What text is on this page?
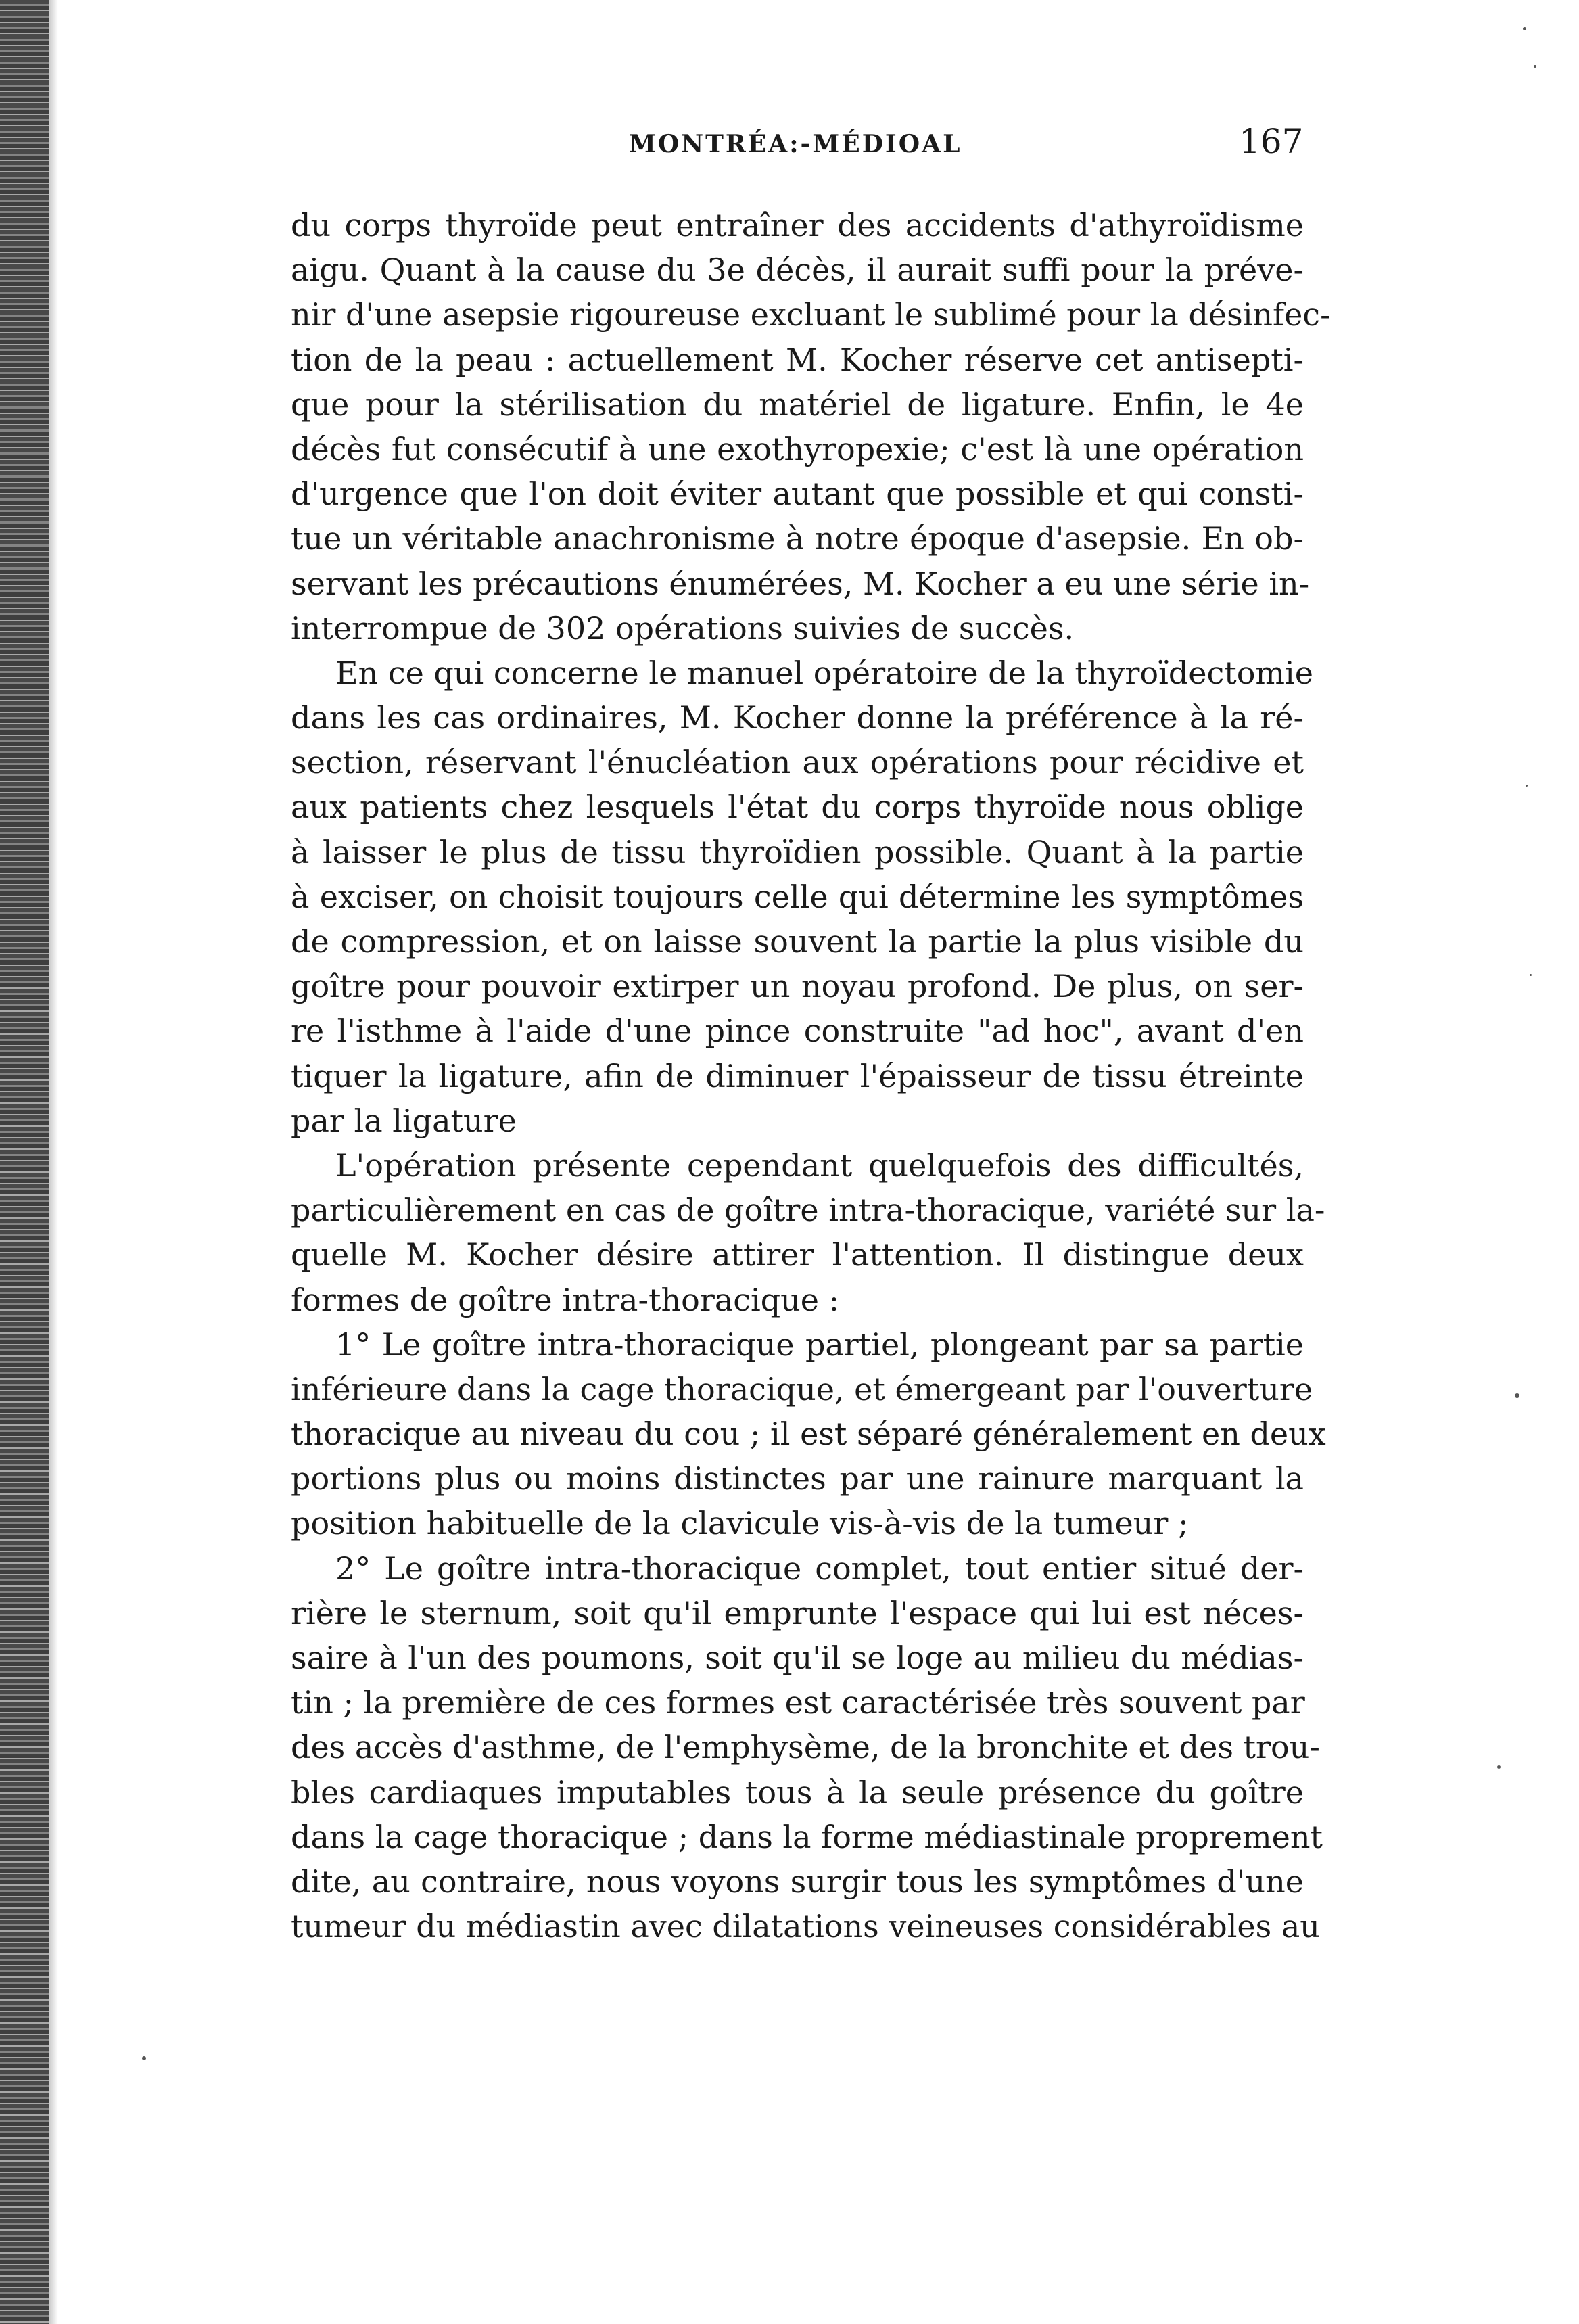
MONTRÉA:-MÉDIOAL	167
du corps thyroïde peut entraîner des accidents d'athyroïdisme
aigu. Quant à la cause du 3e décès, il aurait suffi pour la préve-
nir d'une asepsie rigoureuse excluant le sublimé pour la désinfec-
tion de la peau : actuellement M. Kocher réserve cet antisepti-
que pour la stérilisation du matériel de ligature. Enfin, le 4e
décès fut consécutif à une exothyropexie; c'est là une opération
d'urgence que l'on doit éviter autant que possible et qui consti-
tue un véritable anachronisme à notre époque d'asepsie. En ob-
servant les précautions énumérées, M. Kocher a eu une série in-
interrompue de 302 opérations suivies de succès.
En ce qui concerne le manuel opératoire de la thyroïdectomie
dans les cas ordinaires, M. Kocher donne la préférence à la ré-
section, réservant l'énucléation aux opérations pour récidive et
aux patients chez lesquels l'état du corps thyroïde nous oblige
à laisser le plus de tissu thyroïdien possible. Quant à la partie
à exciser, on choisit toujours celle qui détermine les symptômes
de compression, et on laisse souvent la partie la plus visible du
goître pour pouvoir extirper un noyau profond. De plus, on ser-
re l'isthme à l'aide d'une pince construite "ad hoc", avant d'en
tiquer la ligature, afin de diminuer l'épaisseur de tissu étreinte
par la ligature
L'opération présente cependant quelquefois des difficultés,
particulièrement en cas de goître intra-thoracique, variété sur la-
quelle M. Kocher désire attirer l'attention. Il distingue deux
formes de goître intra-thoracique :
1° Le goître intra-thoracique partiel, plongeant par sa partie
inférieure dans la cage thoracique, et émergeant par l'ouverture
thoracique au niveau du cou ; il est séparé généralement en deux
portions plus ou moins distinctes par une rainure marquant la
position habituelle de la clavicule vis-à-vis de la tumeur ;
2° Le goître intra-thoracique complet, tout entier situé der-
rière le sternum, soit qu'il emprunte l'espace qui lui est néces-
saire à l'un des poumons, soit qu'il se loge au milieu du médias-
tin ; la première de ces formes est caractérisée très souvent par
des accès d'asthme, de l'emphysème, de la bronchite et des trou-
bles cardiaques imputables tous à la seule présence du goître
dans la cage thoracique ; dans la forme médiastinale proprement
dite, au contraire, nous voyons surgir tous les symptômes d'une
tumeur du médiastin avec dilatations veineuses considérables au
